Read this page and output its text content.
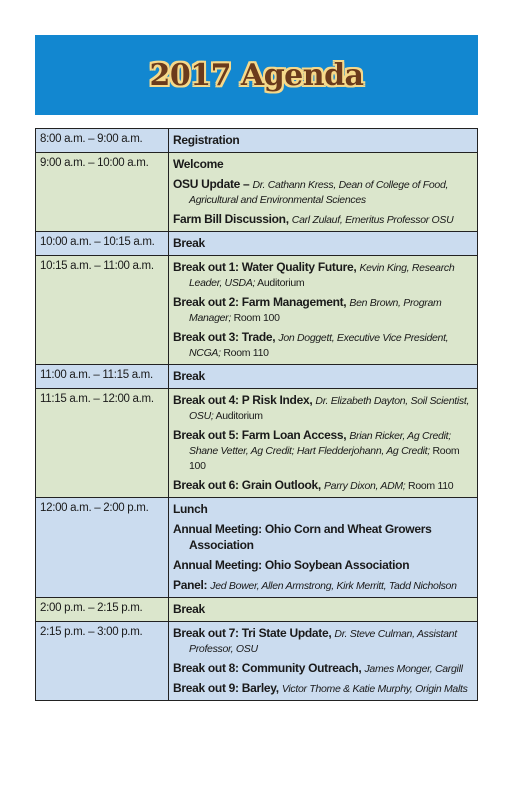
2017 Agenda
8:00 a.m. – 9:00 a.m.	Registration

9:00 a.m. – 10:00 a.m.	Welcome
OSU Update – Dr. Cathann Kress, Dean of College of Food, Agricultural and Environmental Sciences
Farm Bill Discussion, Carl Zulauf, Emeritus Professor OSU

10:00 a.m. – 10:15 a.m.	Break

10:15 a.m. – 11:00 a.m.	Break out 1: Water Quality Future, Kevin King, Research Leader, USDA; Auditorium
Break out 2: Farm Management, Ben Brown, Program Manager; Room 100
Break out 3: Trade, Jon Doggett, Executive Vice President, NCGA; Room 110

11:00 a.m. – 11:15 a.m.	Break

11:15 a.m. – 12:00 a.m.	Break out 4: P Risk Index, Dr. Elizabeth Dayton, Soil Scientist, OSU; Auditorium
Break out 5: Farm Loan Access, Brian Ricker, Ag Credit; Shane Vetter, Ag Credit; Hart Fledderjohann, Ag Credit; Room 100
Break out 6: Grain Outlook, Parry Dixon, ADM; Room 110

12:00 a.m. – 2:00 p.m.	Lunch
Annual Meeting: Ohio Corn and Wheat Growers Association
Annual Meeting: Ohio Soybean Association
Panel: Jed Bower, Allen Armstrong, Kirk Merritt, Tadd Nicholson

2:00 p.m. – 2:15 p.m.	Break

2:15 p.m. – 3:00 p.m.	Break out 7: Tri State Update, Dr. Steve Culman, Assistant Professor, OSU
Break out 8: Community Outreach, James Monger, Cargill
Break out 9: Barley, Victor Thome & Katie Murphy, Origin Malts
